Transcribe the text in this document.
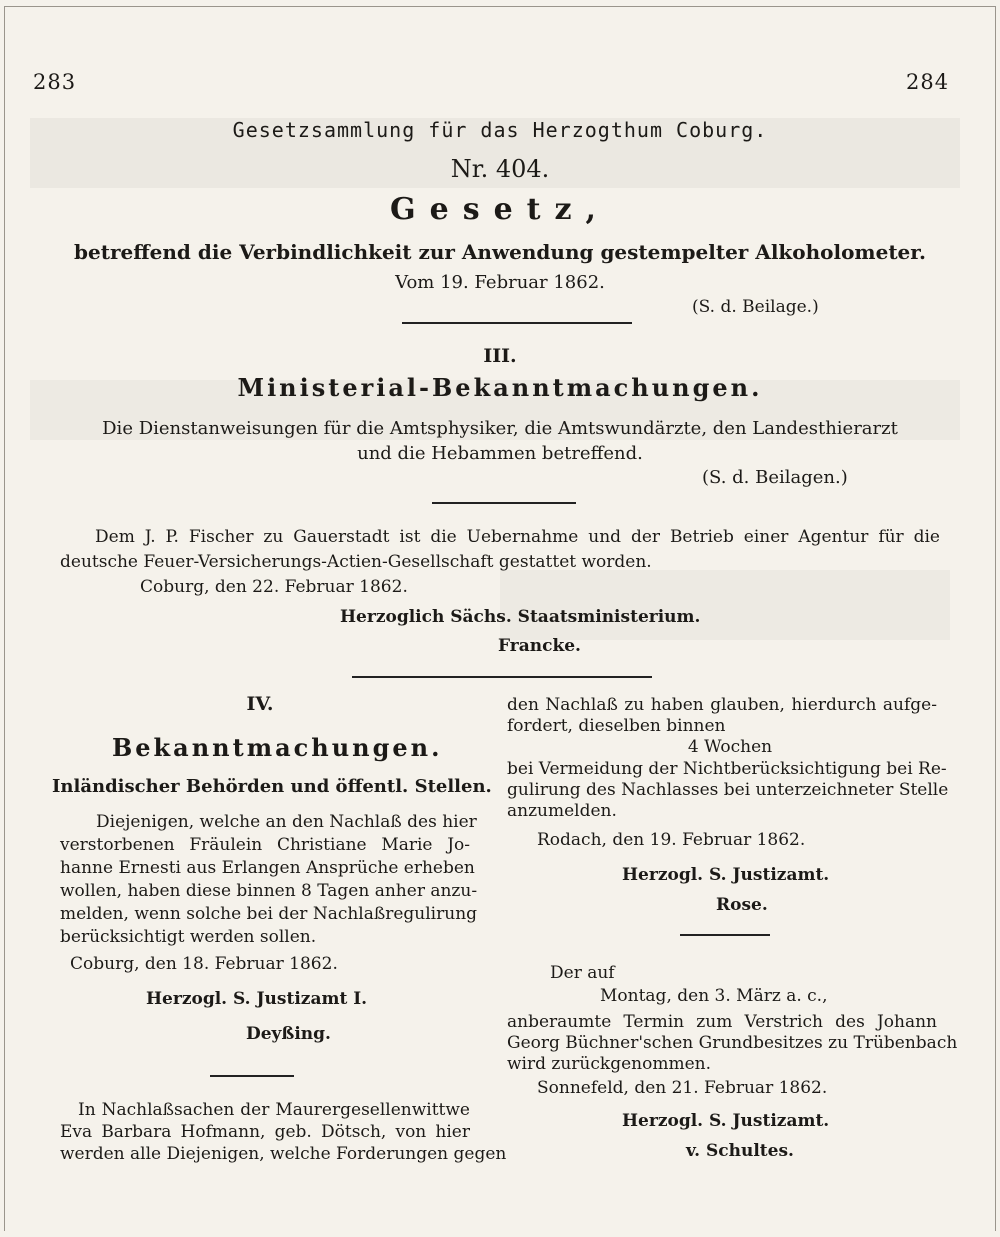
283	284
Gesetzsammlung für das Herzogthum Coburg.
Nr. 404.
Gesetz,
betreffend die Verbindlichkeit zur Anwendung gestempelter Alkoholometer.
Vom 19. Februar 1862.
(S. d. Beilage.)
III.
Ministerial-Bekanntmachungen.
Die Dienstanweisungen für die Amtsphysiker, die Amtswundärzte, den Landesthierarzt
und die Hebammen betreffend.
(S. d. Beilagen.)
Dem J. P. Fischer zu Gauerstadt ist die Uebernahme und der Betrieb einer Agentur für die
deutsche Feuer-Versicherungs-Actien-Gesellschaft gestattet worden.
Coburg, den 22. Februar 1862.
Herzoglich Sächs. Staatsministerium.
Francke.
IV.
Bekanntmachungen.
Inländischer Behörden und öffentl. Stellen.
Diejenigen, welche an den Nachlaß des hier
verstorbenen Fräulein Christiane Marie Jo-
hanne Ernesti aus Erlangen Ansprüche erheben
wollen, haben diese binnen 8 Tagen anher anzu-
melden, wenn solche bei der Nachlaßregulirung
berücksichtigt werden sollen.
Coburg, den 18. Februar 1862.
Herzogl. S. Justizamt I.
Deyßing.
In Nachlaßsachen der Maurergesellenwittwe
Eva Barbara Hofmann, geb. Dötsch, von hier
werden alle Diejenigen, welche Forderungen gegen
den Nachlaß zu haben glauben, hierdurch aufge-
fordert, dieselben binnen
4 Wochen
bei Vermeidung der Nichtberücksichtigung bei Re-
gulirung des Nachlasses bei unterzeichneter Stelle
anzumelden.
Rodach, den 19. Februar 1862.
Herzogl. S. Justizamt.
Rose.
Der auf
Montag, den 3. März a. c.,
anberaumte Termin zum Verstrich des Johann
Georg Büchner'schen Grundbesitzes zu Trübenbach
wird zurückgenommen.
Sonnefeld, den 21. Februar 1862.
Herzogl. S. Justizamt.
v. Schultes.
